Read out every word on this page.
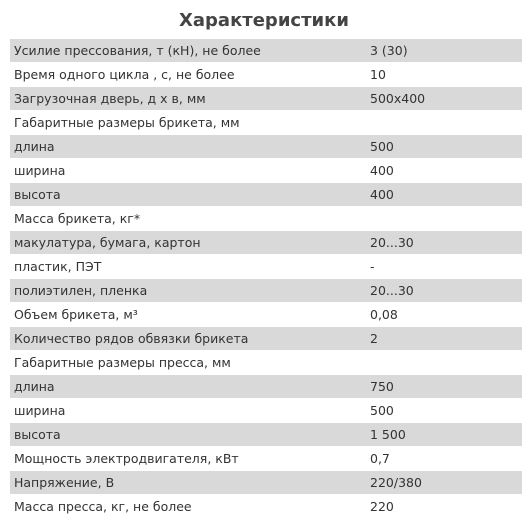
Характеристики
Усилие прессования, т (кН), не более	3 (30)
Время одного цикла , с, не более	10
Загрузочная дверь, д х в, мм	500x400
Габаритные размеры брикета, мм	
длина	500
ширина	400
высота	400
Масса брикета, кг*	
макулатура, бумага, картон	20...30
пластик, ПЭТ	-
полиэтилен, пленка	20...30
Объем брикета, м³	0,08
Количество рядов обвязки брикета	2
Габаритные размеры пресса, мм	
длина	750
ширина	500
высота	1 500
Мощность электродвигателя, кВт	0,7
Напряжение, В	220/380
Масса пресса, кг, не более	220
